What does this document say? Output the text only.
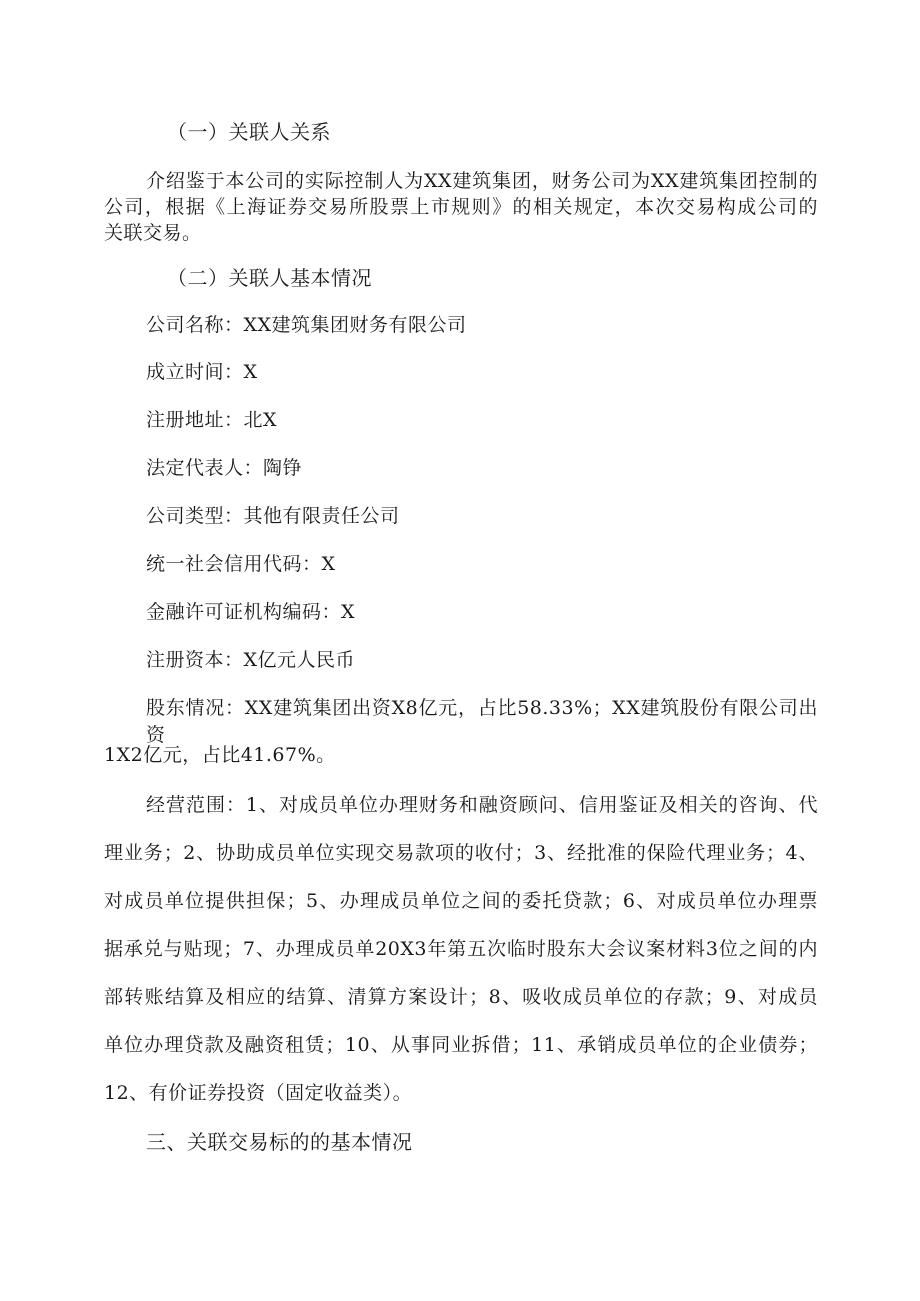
（一）关联人关系
介绍鉴于本公司的实际控制人为XX建筑集团，财务公司为XX建筑集团控制的
公司，根据《上海证券交易所股票上市规则》的相关规定，本次交易构成公司的
关联交易。
（二）关联人基本情况
公司名称：XX建筑集团财务有限公司
成立时间：X
注册地址：北X
法定代表人：陶铮
公司类型：其他有限责任公司
统一社会信用代码：X
金融许可证机构编码：X
注册资本：X亿元人民币
股东情况：XX建筑集团出资X8亿元，占比58.33%；XX建筑股份有限公司出资
1X2亿元，占比41.67%。
经营范围：1、对成员单位办理财务和融资顾问、信用鉴证及相关的咨询、代
理业务；2、协助成员单位实现交易款项的收付；3、经批准的保险代理业务；4、
对成员单位提供担保；5、办理成员单位之间的委托贷款；6、对成员单位办理票
据承兑与贴现；7、办理成员单20X3年第五次临时股东大会议案材料3位之间的内
部转账结算及相应的结算、清算方案设计；8、吸收成员单位的存款；9、对成员
单位办理贷款及融资租赁；10、从事同业拆借；11、承销成员单位的企业债券；
12、有价证券投资（固定收益类）。
三、关联交易标的的基本情况
